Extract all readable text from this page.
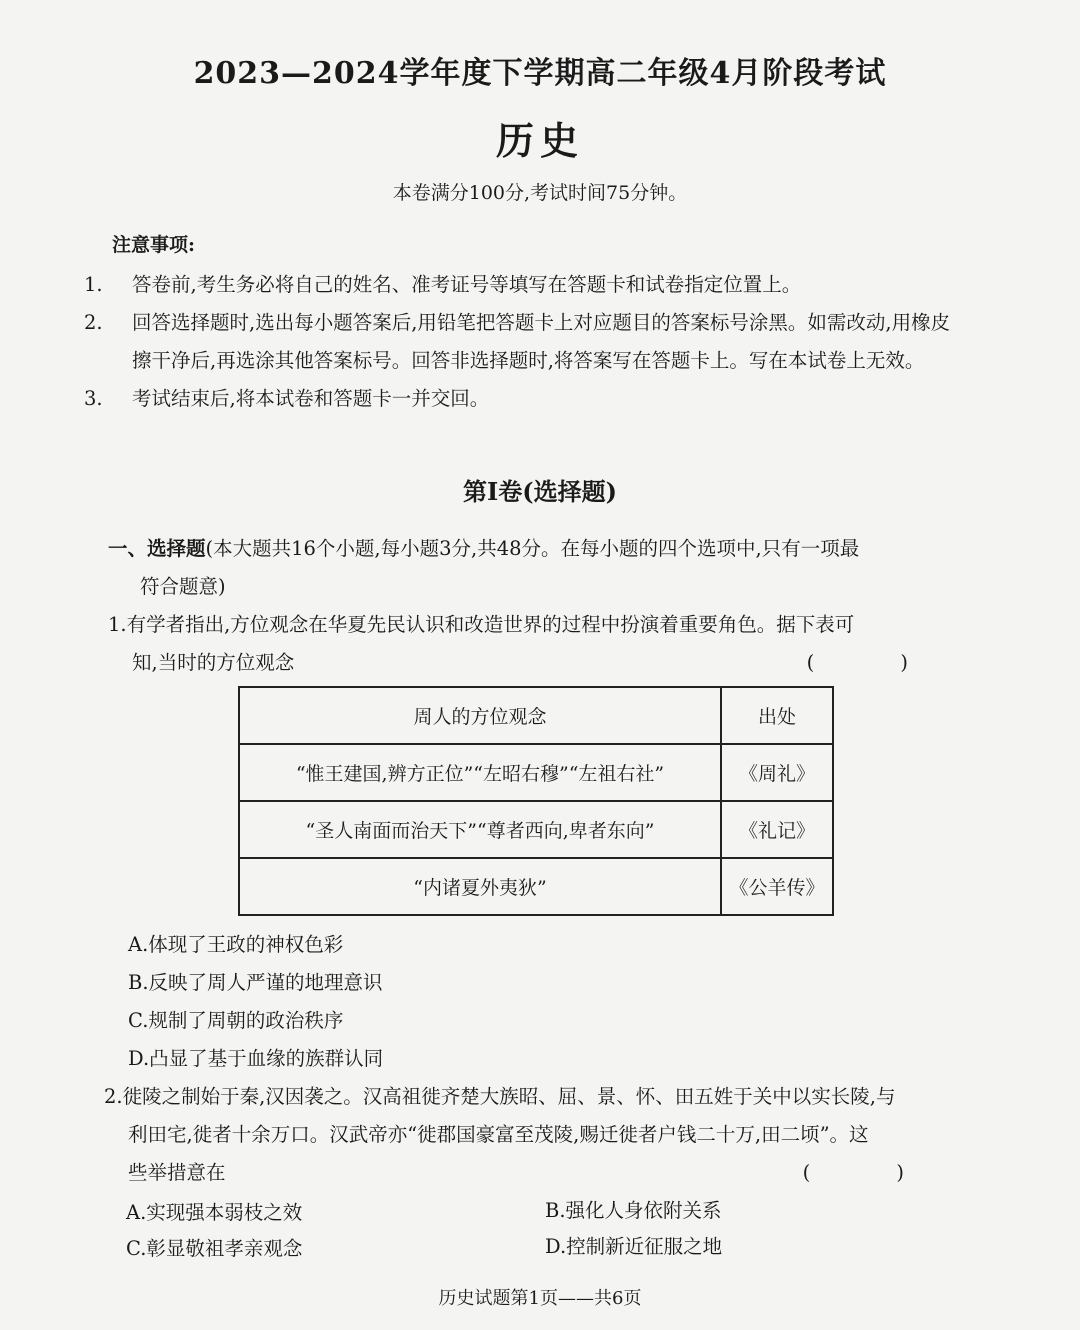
2023—2024学年度下学期高二年级4月阶段考试
历史
本卷满分100分,考试时间75分钟。
注意事项:

1. 答卷前,考生务必将自己的姓名、准考证号等填写在答题卡和试卷指定位置上。

2. 回答选择题时,选出每小题答案后,用铅笔把答题卡上对应题目的答案标号涂黑。如需改动,用橡皮擦干净后,再选涂其他答案标号。回答非选择题时,将答案写在答题卡上。写在本试卷上无效。

3. 考试结束后,将本试卷和答题卡一并交回。

第Ⅰ卷(选择题)
一、选择题(本大题共16个小题,每小题3分,共48分。在每小题的四个选项中,只有一项最
符合题意)
1.有学者指出,方位观念在华夏先民认识和改造世界的过程中扮演着重要角色。据下表可
知,当时的方位观念	( )
周人的方位观念	出处
“惟王建国,辨方正位”“左昭右穆”“左祖右社”	《周礼》
“圣人南面而治天下”“尊者西向,卑者东向”	《礼记》
“内诸夏外夷狄”	《公羊传》
A.体现了王政的神权色彩
B.反映了周人严谨的地理意识
C.规制了周朝的政治秩序
D.凸显了基于血缘的族群认同
2.徙陵之制始于秦,汉因袭之。汉高祖徙齐楚大族昭、屈、景、怀、田五姓于关中以实长陵,与
利田宅,徙者十余万口。汉武帝亦“徙郡国豪富至茂陵,赐迁徙者户钱二十万,田二顷”。这
些举措意在	( )
A.实现强本弱枝之效	B.强化人身依附关系
C.彰显敬祖孝亲观念	D.控制新近征服之地
历史试题第1页——共6页
